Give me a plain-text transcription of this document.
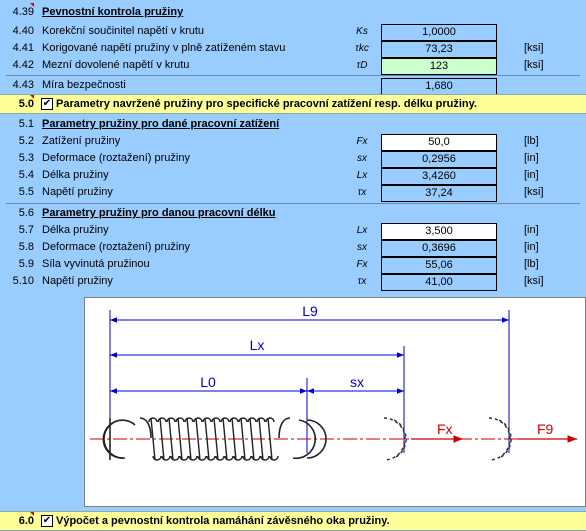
4.39 Pevnostní kontrola pružiny
4.40 Korekční součinitel napětí v krutu	Ks	1,0000
4.41 Korigované napětí pružiny v plně zatíženém stavu	τkc	73,23	[ksi]
4.42 Mezní dovolené napětí v krutu	τD	123	[ksi]
4.43 Míra bezpečnosti	1,680
5.0 ✔ Parametry navržené pružiny pro specifické pracovní zatížení resp. délku pružiny.
5.1 Parametry pružiny pro dané pracovní zatížení
5.2 Zatížení pružiny	Fx	50,0	[lb]
5.3 Deformace (roztažení) pružiny	sx	0,2956	[in]
5.4 Délka pružiny	Lx	3,4260	[in]
5.5 Napětí pružiny	τx	37,24	[ksi]
5.6 Parametry pružiny pro danou pracovní délku
5.7 Délka pružiny	Lx	3,500	[in]
5.8 Deformace (roztažení) pružiny	sx	0,3696	[in]
5.9 Síla vyvinutá pružinou	Fx	55,06	[lb]
5.10 Napětí pružiny	τx	41,00	[ksi]
L9
Lx
L0	sx
Fx	F9
6.0 ✔ Výpočet a pevnostní kontrola namáhání závěsného oka pružiny.
